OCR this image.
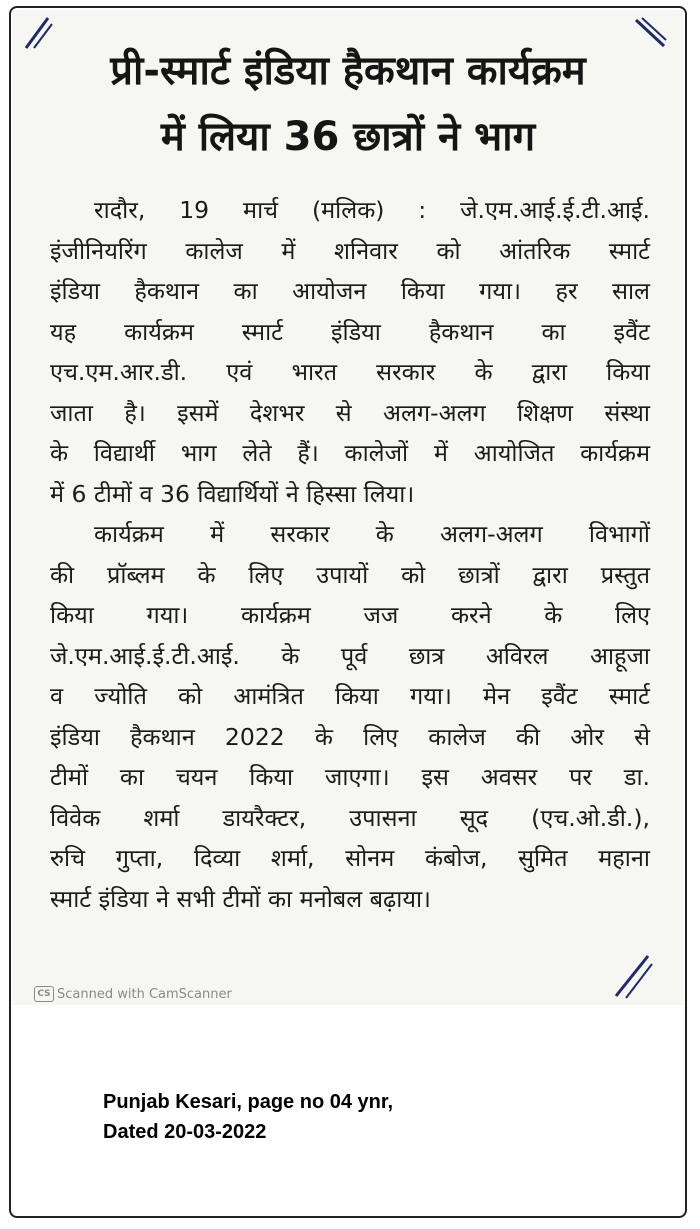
प्री-स्मार्ट इंडिया हैकथान कार्यक्रम
में लिया 36 छात्रों ने भाग
रादौर, 19 मार्च (मलिक) : जे.एम.आई.ई.टी.आई.
इंजीनियरिंग कालेज में शनिवार को आंतरिक स्मार्ट
इंडिया हैकथान का आयोजन किया गया। हर साल
यह कार्यक्रम स्मार्ट इंडिया हैकथान का इवैंट
एच.एम.आर.डी. एवं भारत सरकार के द्वारा किया
जाता है। इसमें देशभर से अलग-अलग शिक्षण संस्था
के विद्यार्थी भाग लेते हैं। कालेजों में आयोजित कार्यक्रम
में 6 टीमों व 36 विद्यार्थियों ने हिस्सा लिया।
कार्यक्रम में सरकार के अलग-अलग विभागों
की प्रॉब्लम के लिए उपायों को छात्रों द्वारा प्रस्तुत
किया गया। कार्यक्रम जज करने के लिए
जे.एम.आई.ई.टी.आई. के पूर्व छात्र अविरल आहूजा
व ज्योति को आमंत्रित किया गया। मेन इवैंट स्मार्ट
इंडिया हैकथान 2022 के लिए कालेज की ओर से
टीमों का चयन किया जाएगा। इस अवसर पर डा.
विवेक शर्मा डायरैक्टर, उपासना सूद (एच.ओ.डी.),
रुचि गुप्ता, दिव्या शर्मा, सोनम कंबोज, सुमित महाना
स्मार्ट इंडिया ने सभी टीमों का मनोबल बढ़ाया।
CS Scanned with CamScanner
Punjab Kesari, page no 04 ynr,
Dated 20-03-2022
